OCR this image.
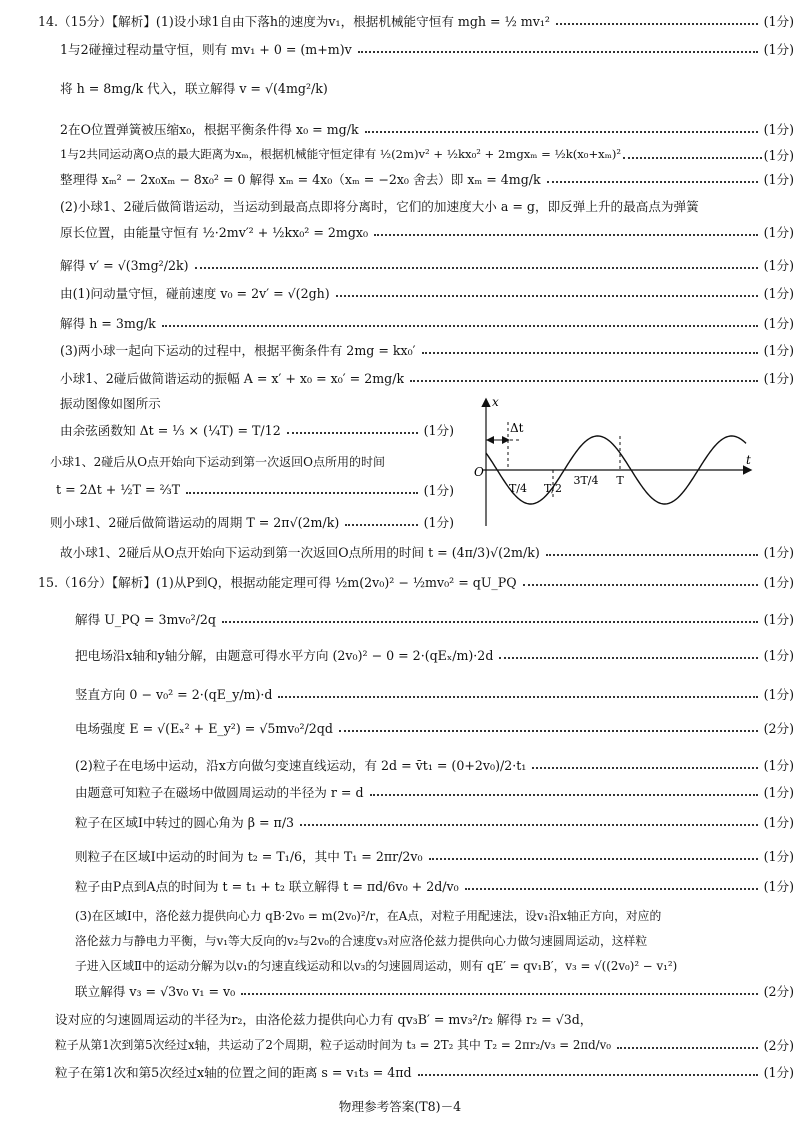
14.（15分）【解析】(1)设小球1自由下落h的速度为v₁，根据机械能守恒有 mgh = ½ mv₁²	(1分)
1与2碰撞过程动量守恒，则有 mv₁ + 0 = (m+m)v	(1分)
将 h = 8mg/k 代入，联立解得 v = √(4mg²/k)
2在O位置弹簧被压缩x₀，根据平衡条件得 x₀ = mg/k	(1分)
1与2共同运动离O点的最大距离为xₘ，根据机械能守恒定律有 ½(2m)v² + ½kx₀² + 2mgxₘ = ½k(x₀+xₘ)²	(1分)
整理得 xₘ² − 2x₀xₘ − 8x₀² = 0 解得 xₘ = 4x₀（xₘ = −2x₀ 舍去）即 xₘ = 4mg/k	(1分)
(2)小球1、2碰后做简谐运动，当运动到最高点即将分离时，它们的加速度大小 a = g，即反弹上升的最高点为弹簧
原长位置，由能量守恒有 ½·2mv′² + ½kx₀² = 2mgx₀	(1分)
解得 v′ = √(3mg²/2k)	(1分)
由(1)问动量守恒，碰前速度 v₀ = 2v′ = √(2gh)	(1分)
解得 h = 3mg/k	(1分)
(3)两小球一起向下运动的过程中，根据平衡条件有 2mg = kx₀′	(1分)
小球1、2碰后做简谐运动的振幅 A = x′ + x₀ = x₀′ = 2mg/k	(1分)
振动图像如图所示
由余弦函数知 Δt = ⅓ × (¼T) = T/12	(1分)
小球1、2碰后从O点开始向下运动到第一次返回O点所用的时间
t = 2Δt + ½T = ⅔T	(1分)
则小球1、2碰后做简谐运动的周期 T = 2π√(2m/k)	(1分)
x
t
O
Δt
T/4 T/2
3T/4 T
故小球1、2碰后从O点开始向下运动到第一次返回O点所用的时间 t = (4π/3)√(2m/k)	(1分)
15.（16分）【解析】(1)从P到Q，根据动能定理可得 ½m(2v₀)² − ½mv₀² = qU_PQ	(1分)
解得 U_PQ = 3mv₀²/2q	(1分)
把电场沿x轴和y轴分解，由题意可得水平方向 (2v₀)² − 0 = 2·(qEₓ/m)·2d	(1分)
竖直方向 0 − v₀² = 2·(qE_y/m)·d	(1分)
电场强度 E = √(Eₓ² + E_y²) = √5mv₀²/2qd	(2分)
(2)粒子在电场中运动，沿x方向做匀变速直线运动，有 2d = v̄t₁ = (0+2v₀)/2·t₁	(1分)
由题意可知粒子在磁场中做圆周运动的半径为 r = d	(1分)
粒子在区域Ⅰ中转过的圆心角为 β = π/3	(1分)
则粒子在区域Ⅰ中运动的时间为 t₂ = T₁/6，其中 T₁ = 2πr/2v₀	(1分)
粒子由P点到A点的时间为 t = t₁ + t₂ 联立解得 t = πd/6v₀ + 2d/v₀	(1分)
(3)在区域Ⅰ中，洛伦兹力提供向心力 qB·2v₀ = m(2v₀)²/r，在A点，对粒子用配速法，设v₁沿x轴正方向，对应的
洛伦兹力与静电力平衡，与v₁等大反向的v₂与2v₀的合速度v₃对应洛伦兹力提供向心力做匀速圆周运动，这样粒
子进入区域Ⅱ中的运动分解为以v₁的匀速直线运动和以v₃的匀速圆周运动，则有 qE′ = qv₁B′，v₃ = √((2v₀)² − v₁²)
联立解得 v₃ = √3v₀ v₁ = v₀	(2分)
设对应的匀速圆周运动的半径为r₂，由洛伦兹力提供向心力有 qv₃B′ = mv₃²/r₂ 解得 r₂ = √3d，
粒子从第1次到第5次经过x轴，共运动了2个周期，粒子运动时间为 t₃ = 2T₂ 其中 T₂ = 2πr₂/v₃ = 2πd/v₀	(2分)
粒子在第1次和第5次经过x轴的位置之间的距离 s = v₁t₃ = 4πd	(1分)
物理参考答案(T8)－4
